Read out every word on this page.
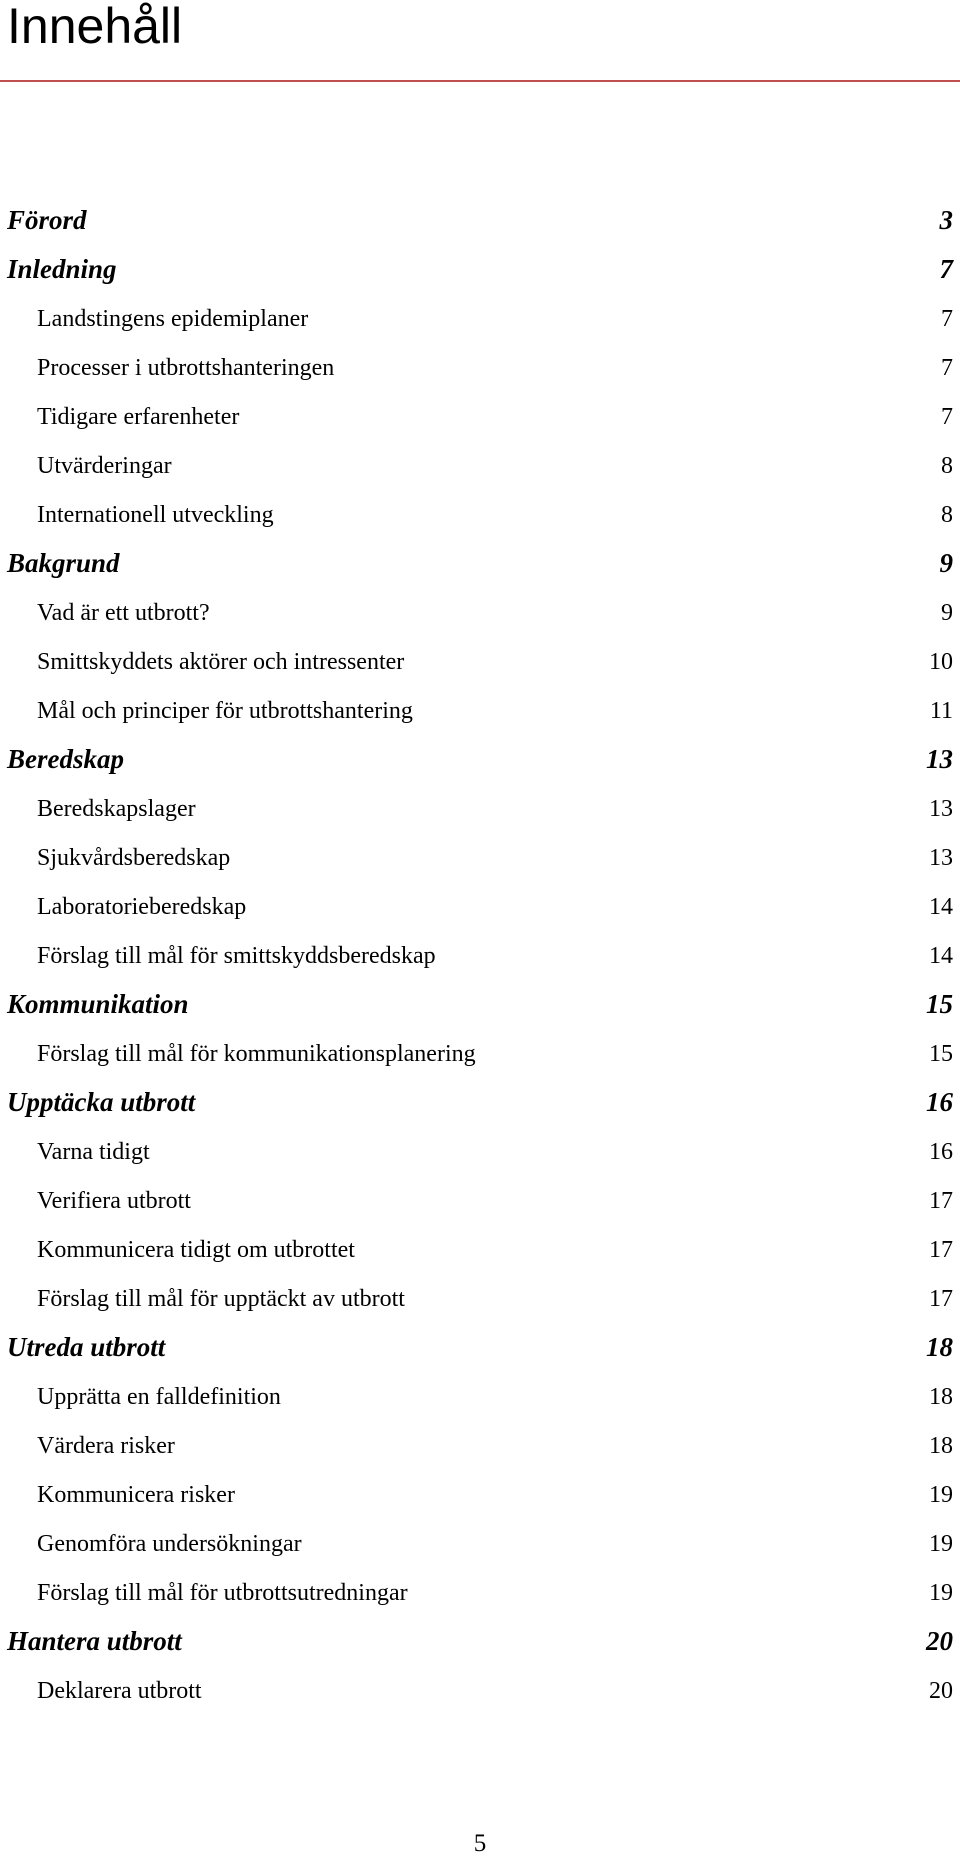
Innehåll
Förord	3
Inledning	7
Landstingens epidemiplaner	7
Processer i utbrottshanteringen	7
Tidigare erfarenheter	7
Utvärderingar	8
Internationell utveckling	8
Bakgrund	9
Vad är ett utbrott?	9
Smittskyddets aktörer och intressenter	10
Mål och principer för utbrottshantering	11
Beredskap	13
Beredskapslager	13
Sjukvårdsberedskap	13
Laboratorieberedskap	14
Förslag till mål för smittskyddsberedskap	14
Kommunikation	15
Förslag till mål för kommunikationsplanering	15
Upptäcka utbrott	16
Varna tidigt	16
Verifiera utbrott	17
Kommunicera tidigt om utbrottet	17
Förslag till mål för upptäckt av utbrott	17
Utreda utbrott	18
Upprätta en falldefinition	18
Värdera risker	18
Kommunicera risker	19
Genomföra undersökningar	19
Förslag till mål för utbrottsutredningar	19
Hantera utbrott	20
Deklarera utbrott	20

5
